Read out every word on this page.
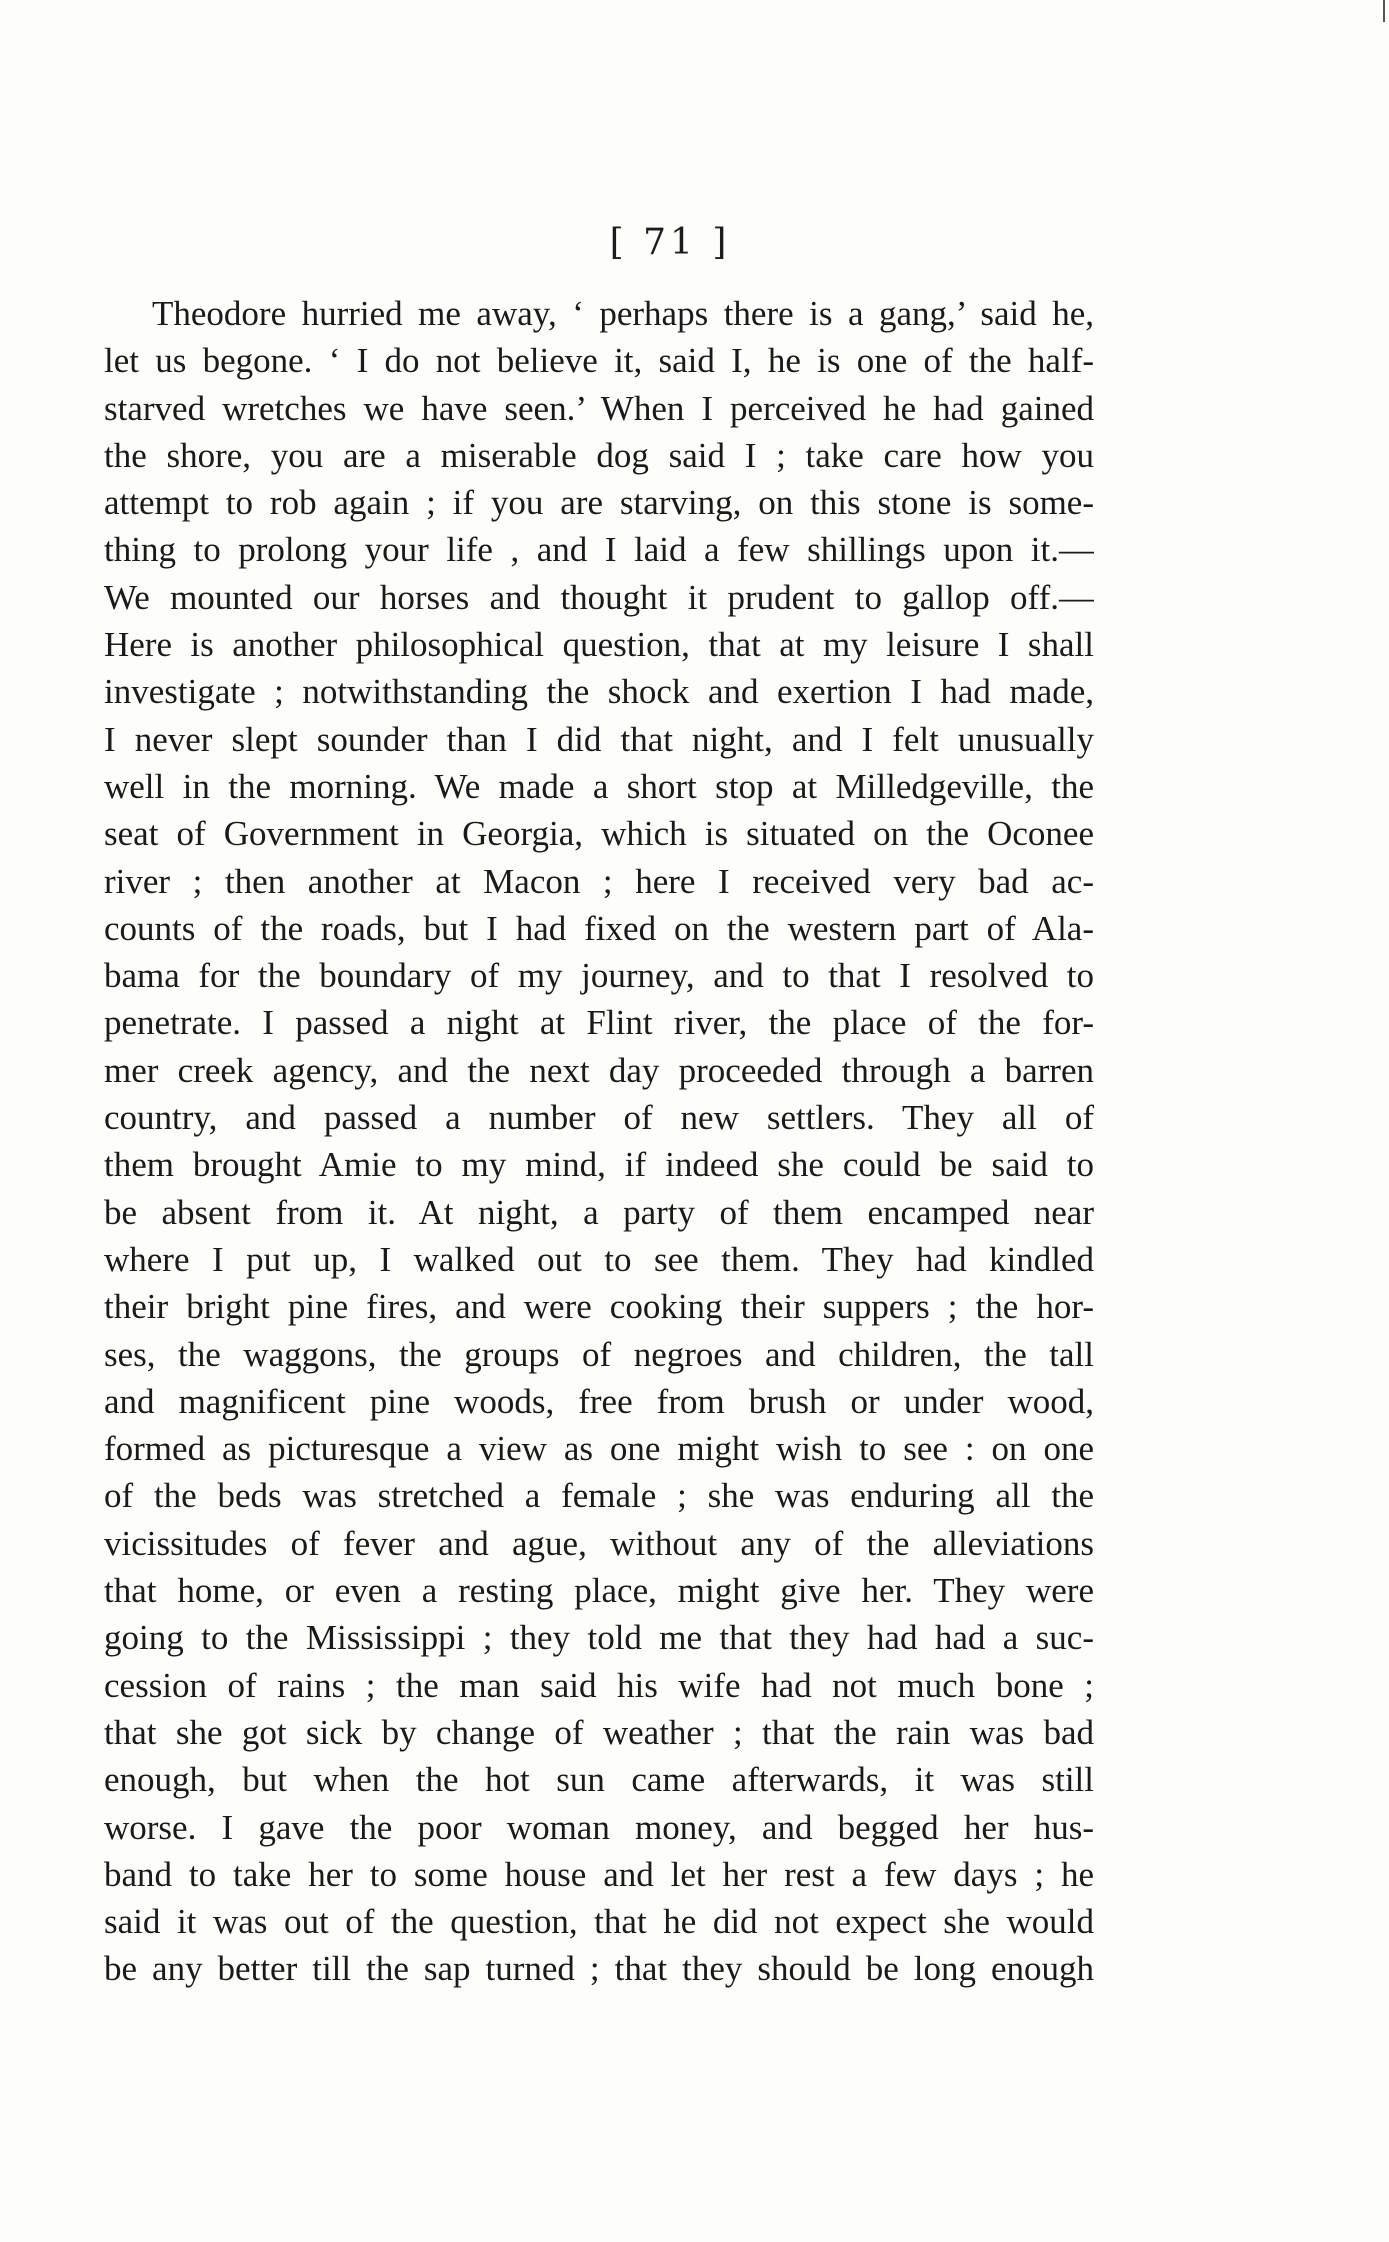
[ 71 ]
Theodore hurried me away, ‘ perhaps there is a gang,’ said he,
let us begone. ‘ I do not believe it, said I, he is one of the half-
starved wretches we have seen.’ When I perceived he had gained
the shore, you are a miserable dog said I ; take care how you
attempt to rob again ; if you are starving, on this stone is some-
thing to prolong your life , and I laid a few shillings upon it.—
We mounted our horses and thought it prudent to gallop off.—
Here is another philosophical question, that at my leisure I shall
investigate ; notwithstanding the shock and exertion I had made,
I never slept sounder than I did that night, and I felt unusually
well in the morning. We made a short stop at Milledgeville, the
seat of Government in Georgia, which is situated on the Oconee
river ; then another at Macon ; here I received very bad ac-
counts of the roads, but I had fixed on the western part of Ala-
bama for the boundary of my journey, and to that I resolved to
penetrate. I passed a night at Flint river, the place of the for-
mer creek agency, and the next day proceeded through a barren
country, and passed a number of new settlers. They all of
them brought Amie to my mind, if indeed she could be said to
be absent from it. At night, a party of them encamped near
where I put up, I walked out to see them. They had kindled
their bright pine fires, and were cooking their suppers ; the hor-
ses, the waggons, the groups of negroes and children, the tall
and magnificent pine woods, free from brush or under wood,
formed as picturesque a view as one might wish to see : on one
of the beds was stretched a female ; she was enduring all the
vicissitudes of fever and ague, without any of the alleviations
that home, or even a resting place, might give her. They were
going to the Mississippi ; they told me that they had had a suc-
cession of rains ; the man said his wife had not much bone ;
that she got sick by change of weather ; that the rain was bad
enough, but when the hot sun came afterwards, it was still
worse. I gave the poor woman money, and begged her hus-
band to take her to some house and let her rest a few days ; he
said it was out of the question, that he did not expect she would
be any better till the sap turned ; that they should be long enough
